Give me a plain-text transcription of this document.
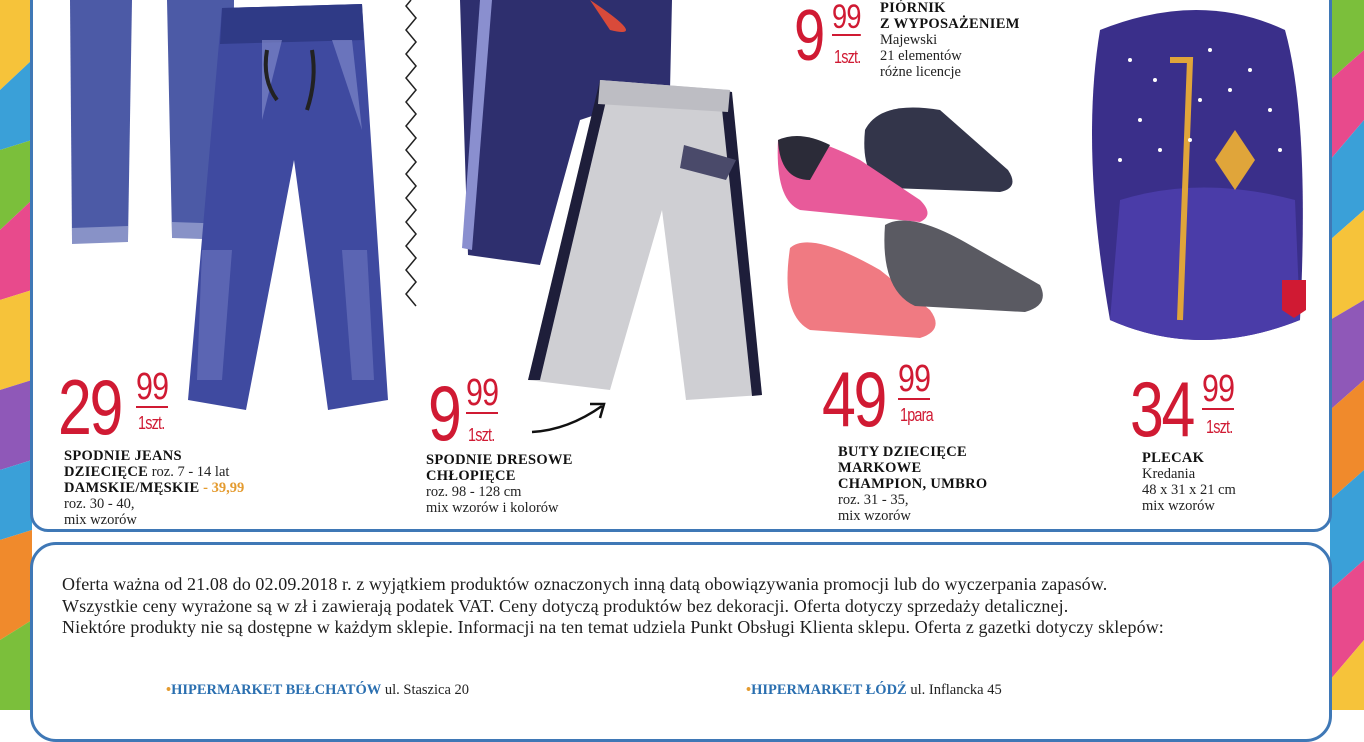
29 99
1szt.
SPODNIE JEANS
DZIECIĘCE roz. 7 - 14 lat
DAMSKIE/MĘSKIE - 39,99
roz. 30 - 40,
mix wzorów
9 99
1szt.
SPODNIE DRESOWE
CHŁOPIĘCE
roz. 98 - 128 cm
mix wzorów i kolorów
49 99
1para
BUTY DZIECIĘCE
MARKOWE
CHAMPION, UMBRO
roz. 31 - 35,
mix wzorów
34 99
1szt.
PLECAK
Kredania
48 x 31 x 21 cm
mix wzorów
9 99
1szt.
PIÓRNIK
Z WYPOSAŻENIEM
Majewski
21 elementów
różne licencje
Oferta ważna od 21.08 do 02.09.2018 r. z wyjątkiem produktów oznaczonych inną datą obowiązywania promocji lub do wyczerpania zapasów.
Wszystkie ceny wyrażone są w zł i zawierają podatek VAT. Ceny dotyczą produktów bez dekoracji. Oferta dotyczy sprzedaży detalicznej.
Niektóre produkty nie są dostępne w każdym sklepie. Informacji na ten temat udziela Punkt Obsługi Klienta sklepu. Oferta z gazetki dotyczy sklepów:
•HIPERMARKET BEŁCHATÓW ul. Staszica 20	•HIPERMARKET ŁÓDŹ ul. Inflancka 45
